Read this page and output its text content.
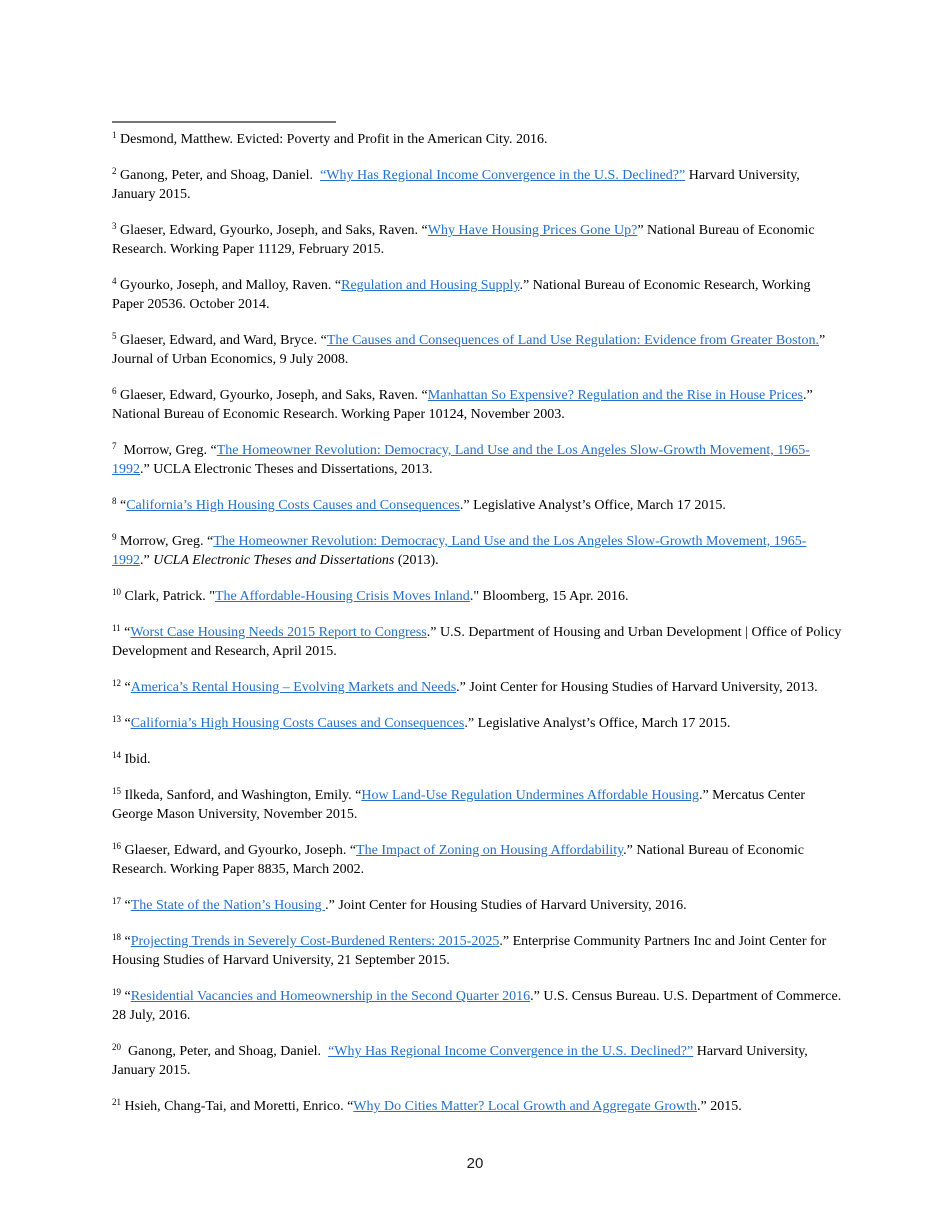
$^1$ Desmond, Matthew. Evicted: Poverty and Profit in the American City. 2016.

$^2$ Ganong, Peter, and Shoag, Daniel.  “Why Has Regional Income Convergence in the U.S. Declined?” Harvard University, January 2015.

$^3$ Glaeser, Edward, Gyourko, Joseph, and Saks, Raven. “Why Have Housing Prices Gone Up?” National Bureau of Economic Research. Working Paper 11129, February 2015.

$^4$ Gyourko, Joseph, and Malloy, Raven. “Regulation and Housing Supply.” National Bureau of Economic Research, Working Paper 20536. October 2014.

$^5$ Glaeser, Edward, and Ward, Bryce. “The Causes and Consequences of Land Use Regulation: Evidence from Greater Boston.” Journal of Urban Economics, 9 July 2008.

$^6$ Glaeser, Edward, Gyourko, Joseph, and Saks, Raven. “Manhattan So Expensive? Regulation and the Rise in House Prices.” National Bureau of Economic Research. Working Paper 10124, November 2003.

$^7$  Morrow, Greg. “The Homeowner Revolution: Democracy, Land Use and the Los Angeles Slow-Growth Movement, 1965-1992.” UCLA Electronic Theses and Dissertations, 2013.

$^8$ “California’s High Housing Costs Causes and Consequences.” Legislative Analyst’s Office, March 17 2015.

$^9$ Morrow, Greg. “The Homeowner Revolution: Democracy, Land Use and the Los Angeles Slow-Growth Movement, 1965-1992.” UCLA Electronic Theses and Dissertations (2013).

$^{10}$ Clark, Patrick. "The Affordable-Housing Crisis Moves Inland." Bloomberg, 15 Apr. 2016.

$^{11}$ “Worst Case Housing Needs 2015 Report to Congress.” U.S. Department of Housing and Urban Development | Office of Policy Development and Research, April 2015.

$^{12}$ “America’s Rental Housing – Evolving Markets and Needs.” Joint Center for Housing Studies of Harvard University, 2013.

$^{13}$ “California’s High Housing Costs Causes and Consequences.” Legislative Analyst’s Office, March 17 2015.

$^{14}$ Ibid.

$^{15}$ Ilkeda, Sanford, and Washington, Emily. “How Land-Use Regulation Undermines Affordable Housing.” Mercatus Center George Mason University, November 2015.

$^{16}$ Glaeser, Edward, and Gyourko, Joseph. “The Impact of Zoning on Housing Affordability.” National Bureau of Economic Research. Working Paper 8835, March 2002.

$^{17}$ “The State of the Nation’s Housing .” Joint Center for Housing Studies of Harvard University, 2016.

$^{18}$ “Projecting Trends in Severely Cost-Burdened Renters: 2015-2025.” Enterprise Community Partners Inc and Joint Center for Housing Studies of Harvard University, 21 September 2015.

$^{19}$ “Residential Vacancies and Homeownership in the Second Quarter 2016.” U.S. Census Bureau. U.S. Department of Commerce. 28 July, 2016.

$^{20}$  Ganong, Peter, and Shoag, Daniel.  “Why Has Regional Income Convergence in the U.S. Declined?” Harvard University, January 2015.

$^{21}$ Hsieh, Chang-Tai, and Moretti, Enrico. “Why Do Cities Matter? Local Growth and Aggregate Growth.” 2015.

20
